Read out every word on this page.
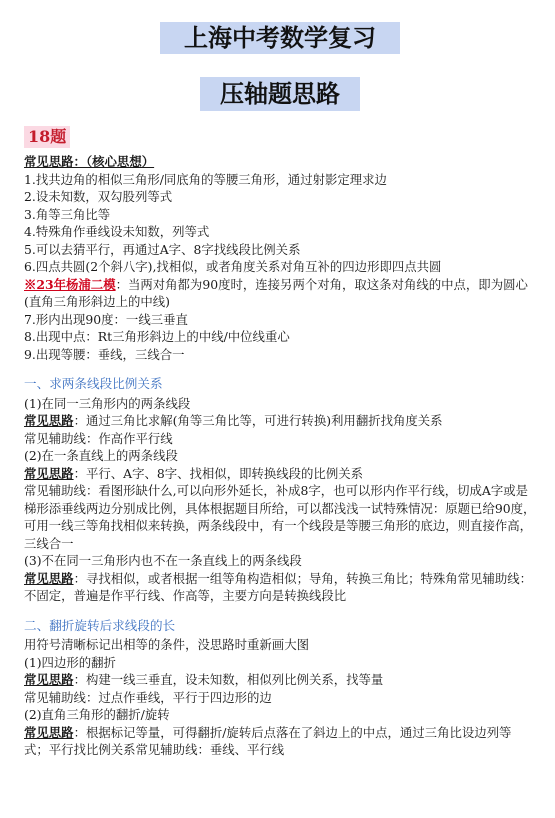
上海中考数学复习
压轴题思路
18题

常见思路：（核心思想）

1.找共边角的相似三角形/同底角的等腰三角形，通过射影定理求边

2.设未知数，双勾股列等式

3.角等三角比等

4.特殊角作垂线设未知数，列等式

5.可以去猜平行，再通过A字、8字找线段比例关系

6.四点共圆(2个斜八字),找相似，或者角度关系对角互补的四边形即四点共圆

※23年杨浦二模：当两对角都为90度时，连接另两个对角，取这条对角线的中点，即为圆心(直角三角形斜边上的中线)

7.形内出现90度：一线三垂直

8.出现中点：Rt三角形斜边上的中线/中位线重心

9.出现等腰：垂线，三线合一

一、求两条线段比例关系

(1)在同一三角形内的两条线段

常见思路：通过三角比求解(角等三角比等，可进行转换)利用翻折找角度关系

常见辅助线：作高作平行线

(2)在一条直线上的两条线段

常见思路：平行、A字、8字、找相似，即转换线段的比例关系

常见辅助线：看图形缺什么,可以向形外延长，补成8字，也可以形内作平行线，切成A字或是梯形添垂线两边分别成比例，具体根据题目所给，可以都浅浅一试特殊情况：原题已给90度，可用一线三等角找相似来转换，两条线段中，有一个线段是等腰三角形的底边，则直接作高，三线合一

(3)不在同一三角形内也不在一条直线上的两条线段

常见思路：寻找相似，或者根据一组等角构造相似；导角，转换三角比；特殊角常见辅助线：不固定，普遍是作平行线、作高等，主要方向是转换线段比

二、翻折旋转后求线段的长

用符号清晰标记出相等的条件，没思路时重新画大图

(1)四边形的翻折

常见思路：构建一线三垂直，设未知数，相似列比例关系，找等量

常见辅助线：过点作垂线，平行于四边形的边

(2)直角三角形的翻折/旋转

常见思路：根据标记等量，可得翻折/旋转后点落在了斜边上的中点，通过三角比设边列等式；平行找比例关系常见辅助线：垂线、平行线
